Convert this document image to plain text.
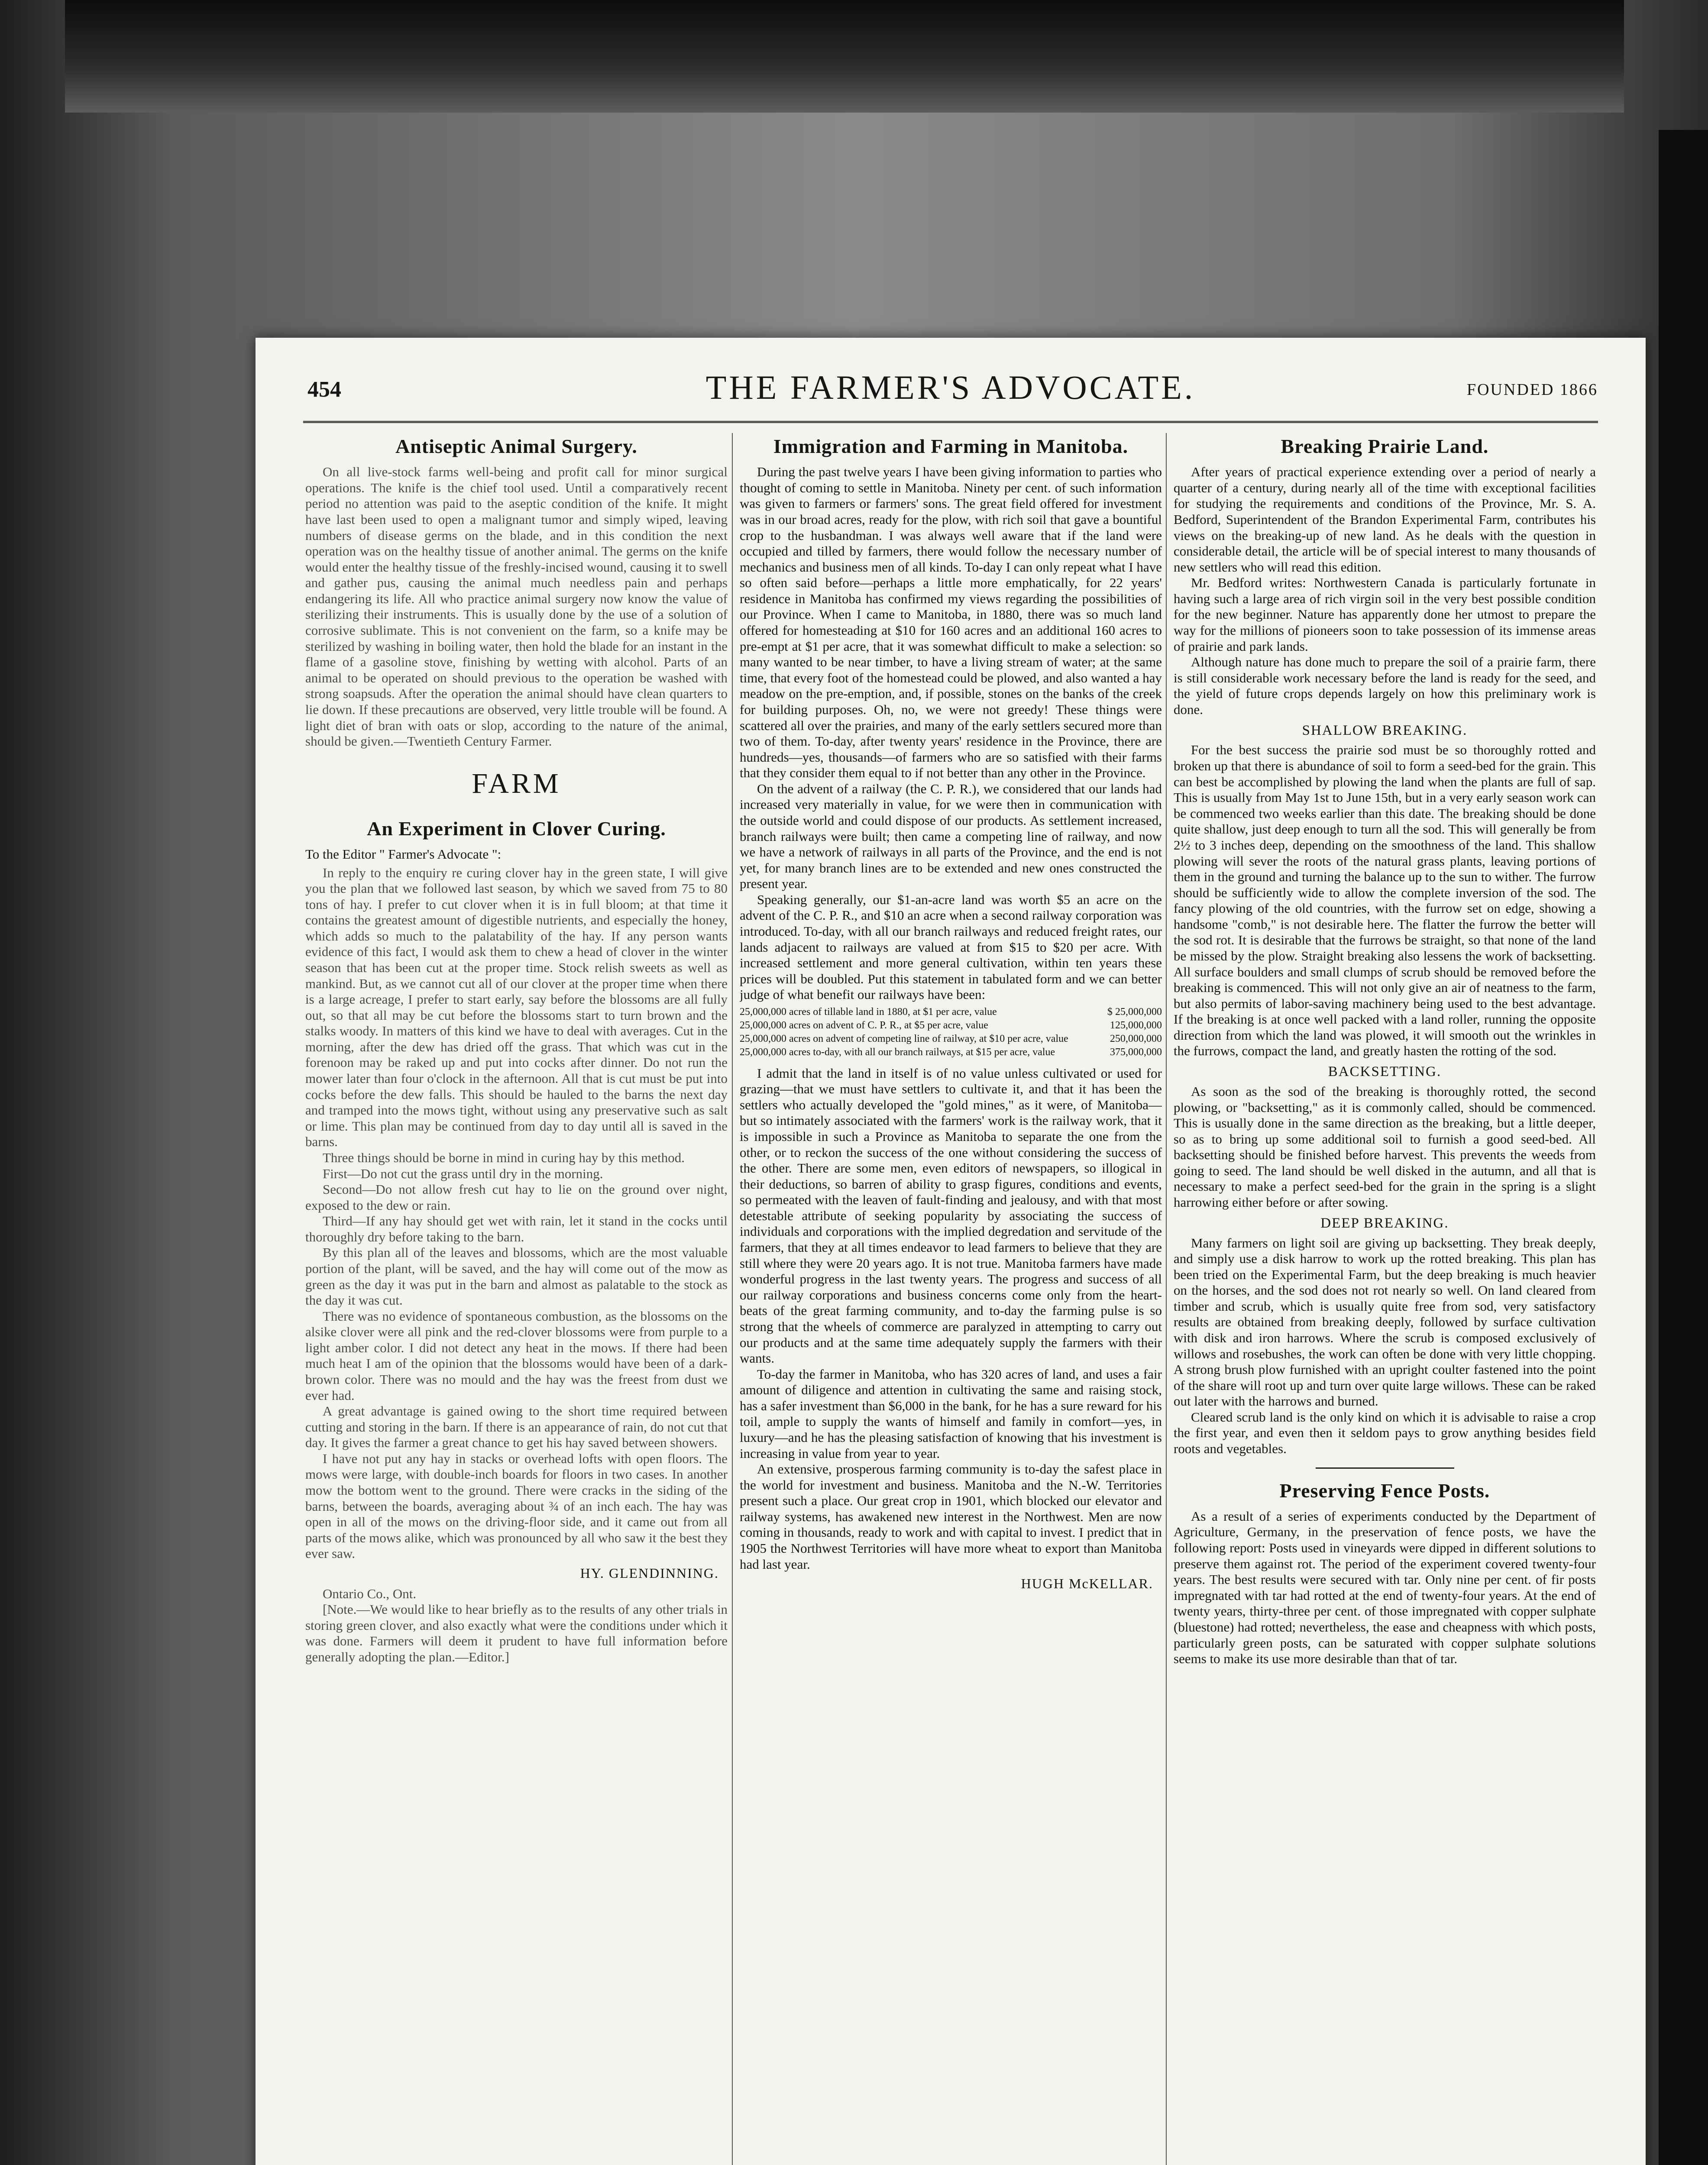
454	THE FARMER'S ADVOCATE.	FOUNDED 1866
Antiseptic Animal Surgery.

On all live-stock farms well-being and profit call for minor surgical operations. The knife is the chief tool used. Until a comparatively recent period no attention was paid to the aseptic condition of the knife. It might have last been used to open a malignant tumor and simply wiped, leaving numbers of disease germs on the blade, and in this condition the next operation was on the healthy tissue of another animal. The germs on the knife would enter the healthy tissue of the freshly-incised wound, causing it to swell and gather pus, causing the animal much needless pain and perhaps endangering its life. All who practice animal surgery now know the value of sterilizing their instruments. This is usually done by the use of a solution of corrosive sublimate. This is not convenient on the farm, so a knife may be sterilized by washing in boiling water, then hold the blade for an instant in the flame of a gasoline stove, finishing by wetting with alcohol. Parts of an animal to be operated on should previous to the operation be washed with strong soapsuds. After the operation the animal should have clean quarters to lie down. If these precautions are observed, very little trouble will be found. A light diet of bran with oats or slop, according to the nature of the animal, should be given.—Twentieth Century Farmer.

FARM
An Experiment in Clover Curing.

To the Editor " Farmer's Advocate ":

In reply to the enquiry re curing clover hay in the green state, I will give you the plan that we followed last season, by which we saved from 75 to 80 tons of hay. I prefer to cut clover when it is in full bloom; at that time it contains the greatest amount of digestible nutrients, and especially the honey, which adds so much to the palatability of the hay. If any person wants evidence of this fact, I would ask them to chew a head of clover in the winter season that has been cut at the proper time. Stock relish sweets as well as mankind. But, as we cannot cut all of our clover at the proper time when there is a large acreage, I prefer to start early, say before the blossoms are all fully out, so that all may be cut before the blossoms start to turn brown and the stalks woody. In matters of this kind we have to deal with averages. Cut in the morning, after the dew has dried off the grass. That which was cut in the forenoon may be raked up and put into cocks after dinner. Do not run the mower later than four o'clock in the afternoon. All that is cut must be put into cocks before the dew falls. This should be hauled to the barns the next day and tramped into the mows tight, without using any preservative such as salt or lime. This plan may be continued from day to day until all is saved in the barns.

Three things should be borne in mind in curing hay by this method.

First—Do not cut the grass until dry in the morning.

Second—Do not allow fresh cut hay to lie on the ground over night, exposed to the dew or rain.

Third—If any hay should get wet with rain, let it stand in the cocks until thoroughly dry before taking to the barn.

By this plan all of the leaves and blossoms, which are the most valuable portion of the plant, will be saved, and the hay will come out of the mow as green as the day it was put in the barn and almost as palatable to the stock as the day it was cut.

There was no evidence of spontaneous combustion, as the blossoms on the alsike clover were all pink and the red-clover blossoms were from purple to a light amber color. I did not detect any heat in the mows. If there had been much heat I am of the opinion that the blossoms would have been of a dark-brown color. There was no mould and the hay was the freest from dust we ever had.

A great advantage is gained owing to the short time required between cutting and storing in the barn. If there is an appearance of rain, do not cut that day. It gives the farmer a great chance to get his hay saved between showers.

I have not put any hay in stacks or overhead lofts with open floors. The mows were large, with double-inch boards for floors in two cases. In another mow the bottom went to the ground. There were cracks in the siding of the barns, between the boards, averaging about ¾ of an inch each. The hay was open in all of the mows on the driving-floor side, and it came out from all parts of the mows alike, which was pronounced by all who saw it the best they ever saw.

HY. GLENDINNING.

Ontario Co., Ont.

[Note.—We would like to hear briefly as to the results of any other trials in storing green clover, and also exactly what were the conditions under which it was done. Farmers will deem it prudent to have full information before generally adopting the plan.—Editor.]

Immigration and Farming in Manitoba.

During the past twelve years I have been giving information to parties who thought of coming to settle in Manitoba. Ninety per cent. of such information was given to farmers or farmers' sons. The great field offered for investment was in our broad acres, ready for the plow, with rich soil that gave a bountiful crop to the husbandman. I was always well aware that if the land were occupied and tilled by farmers, there would follow the necessary number of mechanics and business men of all kinds. To-day I can only repeat what I have so often said before—perhaps a little more emphatically, for 22 years' residence in Manitoba has confirmed my views regarding the possibilities of our Province. When I came to Manitoba, in 1880, there was so much land offered for homesteading at $10 for 160 acres and an additional 160 acres to pre-empt at $1 per acre, that it was somewhat difficult to make a selection: so many wanted to be near timber, to have a living stream of water; at the same time, that every foot of the homestead could be plowed, and also wanted a hay meadow on the pre-emption, and, if possible, stones on the banks of the creek for building purposes. Oh, no, we were not greedy! These things were scattered all over the prairies, and many of the early settlers secured more than two of them. To-day, after twenty years' residence in the Province, there are hundreds—yes, thousands—of farmers who are so satisfied with their farms that they consider them equal to if not better than any other in the Province.

On the advent of a railway (the C. P. R.), we considered that our lands had increased very materially in value, for we were then in communication with the outside world and could dispose of our products. As settlement increased, branch railways were built; then came a competing line of railway, and now we have a network of railways in all parts of the Province, and the end is not yet, for many branch lines are to be extended and new ones constructed the present year.

Speaking generally, our $1-an-acre land was worth $5 an acre on the advent of the C. P. R., and $10 an acre when a second railway corporation was introduced. To-day, with all our branch railways and reduced freight rates, our lands adjacent to railways are valued at from $15 to $20 per acre. With increased settlement and more general cultivation, within ten years these prices will be doubled. Put this statement in tabulated form and we can better judge of what benefit our railways have been:

25,000,000 acres of tillable land in 1880, at $1 per acre, value	$ 25,000,000
25,000,000 acres on advent of C. P. R., at $5 per acre, value	125,000,000
25,000,000 acres on advent of competing line of railway, at $10 per acre, value	250,000,000
25,000,000 acres to-day, with all our branch railways, at $15 per acre, value	375,000,000

I admit that the land in itself is of no value unless cultivated or used for grazing—that we must have settlers to cultivate it, and that it has been the settlers who actually developed the "gold mines," as it were, of Manitoba—but so intimately associated with the farmers' work is the railway work, that it is impossible in such a Province as Manitoba to separate the one from the other, or to reckon the success of the one without considering the success of the other. There are some men, even editors of newspapers, so illogical in their deductions, so barren of ability to grasp figures, conditions and events, so permeated with the leaven of fault-finding and jealousy, and with that most detestable attribute of seeking popularity by associating the success of individuals and corporations with the implied degredation and servitude of the farmers, that they at all times endeavor to lead farmers to believe that they are still where they were 20 years ago. It is not true. Manitoba farmers have made wonderful progress in the last twenty years. The progress and success of all our railway corporations and business concerns come only from the heart-beats of the great farming community, and to-day the farming pulse is so strong that the wheels of commerce are paralyzed in attempting to carry out our products and at the same time adequately supply the farmers with their wants.

To-day the farmer in Manitoba, who has 320 acres of land, and uses a fair amount of diligence and attention in cultivating the same and raising stock, has a safer investment than $6,000 in the bank, for he has a sure reward for his toil, ample to supply the wants of himself and family in comfort—yes, in luxury—and he has the pleasing satisfaction of knowing that his investment is increasing in value from year to year.

An extensive, prosperous farming community is to-day the safest place in the world for investment and business. Manitoba and the N.-W. Territories present such a place. Our great crop in 1901, which blocked our elevator and railway systems, has awakened new interest in the Northwest. Men are now coming in thousands, ready to work and with capital to invest. I predict that in 1905 the Northwest Territories will have more wheat to export than Manitoba had last year.

HUGH McKELLAR.

Breaking Prairie Land.

After years of practical experience extending over a period of nearly a quarter of a century, during nearly all of the time with exceptional facilities for studying the requirements and conditions of the Province, Mr. S. A. Bedford, Superintendent of the Brandon Experimental Farm, contributes his views on the breaking-up of new land. As he deals with the question in considerable detail, the article will be of special interest to many thousands of new settlers who will read this edition.

Mr. Bedford writes: Northwestern Canada is particularly fortunate in having such a large area of rich virgin soil in the very best possible condition for the new beginner. Nature has apparently done her utmost to prepare the way for the millions of pioneers soon to take possession of its immense areas of prairie and park lands.

Although nature has done much to prepare the soil of a prairie farm, there is still considerable work necessary before the land is ready for the seed, and the yield of future crops depends largely on how this preliminary work is done.

SHALLOW BREAKING.

For the best success the prairie sod must be so thoroughly rotted and broken up that there is abundance of soil to form a seed-bed for the grain. This can best be accomplished by plowing the land when the plants are full of sap. This is usually from May 1st to June 15th, but in a very early season work can be commenced two weeks earlier than this date. The breaking should be done quite shallow, just deep enough to turn all the sod. This will generally be from 2½ to 3 inches deep, depending on the smoothness of the land. This shallow plowing will sever the roots of the natural grass plants, leaving portions of them in the ground and turning the balance up to the sun to wither. The furrow should be sufficiently wide to allow the complete inversion of the sod. The fancy plowing of the old countries, with the furrow set on edge, showing a handsome "comb," is not desirable here. The flatter the furrow the better will the sod rot. It is desirable that the furrows be straight, so that none of the land be missed by the plow. Straight breaking also lessens the work of backsetting. All surface boulders and small clumps of scrub should be removed before the breaking is commenced. This will not only give an air of neatness to the farm, but also permits of labor-saving machinery being used to the best advantage. If the breaking is at once well packed with a land roller, running the opposite direction from which the land was plowed, it will smooth out the wrinkles in the furrows, compact the land, and greatly hasten the rotting of the sod.

BACKSETTING.

As soon as the sod of the breaking is thoroughly rotted, the second plowing, or "backsetting," as it is commonly called, should be commenced. This is usually done in the same direction as the breaking, but a little deeper, so as to bring up some additional soil to furnish a good seed-bed. All backsetting should be finished before harvest. This prevents the weeds from going to seed. The land should be well disked in the autumn, and all that is necessary to make a perfect seed-bed for the grain in the spring is a slight harrowing either before or after sowing.

DEEP BREAKING.

Many farmers on light soil are giving up backsetting. They break deeply, and simply use a disk harrow to work up the rotted breaking. This plan has been tried on the Experimental Farm, but the deep breaking is much heavier on the horses, and the sod does not rot nearly so well. On land cleared from timber and scrub, which is usually quite free from sod, very satisfactory results are obtained from breaking deeply, followed by surface cultivation with disk and iron harrows. Where the scrub is composed exclusively of willows and rosebushes, the work can often be done with very little chopping. A strong brush plow furnished with an upright coulter fastened into the point of the share will root up and turn over quite large willows. These can be raked out later with the harrows and burned.

Cleared scrub land is the only kind on which it is advisable to raise a crop the first year, and even then it seldom pays to grow anything besides field roots and vegetables.

Preserving Fence Posts.

As a result of a series of experiments conducted by the Department of Agriculture, Germany, in the preservation of fence posts, we have the following report: Posts used in vineyards were dipped in different solutions to preserve them against rot. The period of the experiment covered twenty-four years. The best results were secured with tar. Only nine per cent. of fir posts impregnated with tar had rotted at the end of twenty-four years. At the end of twenty years, thirty-three per cent. of those impregnated with copper sulphate (bluestone) had rotted; nevertheless, the ease and cheapness with which posts, particularly green posts, can be saturated with copper sulphate solutions seems to make its use more desirable than that of tar.
